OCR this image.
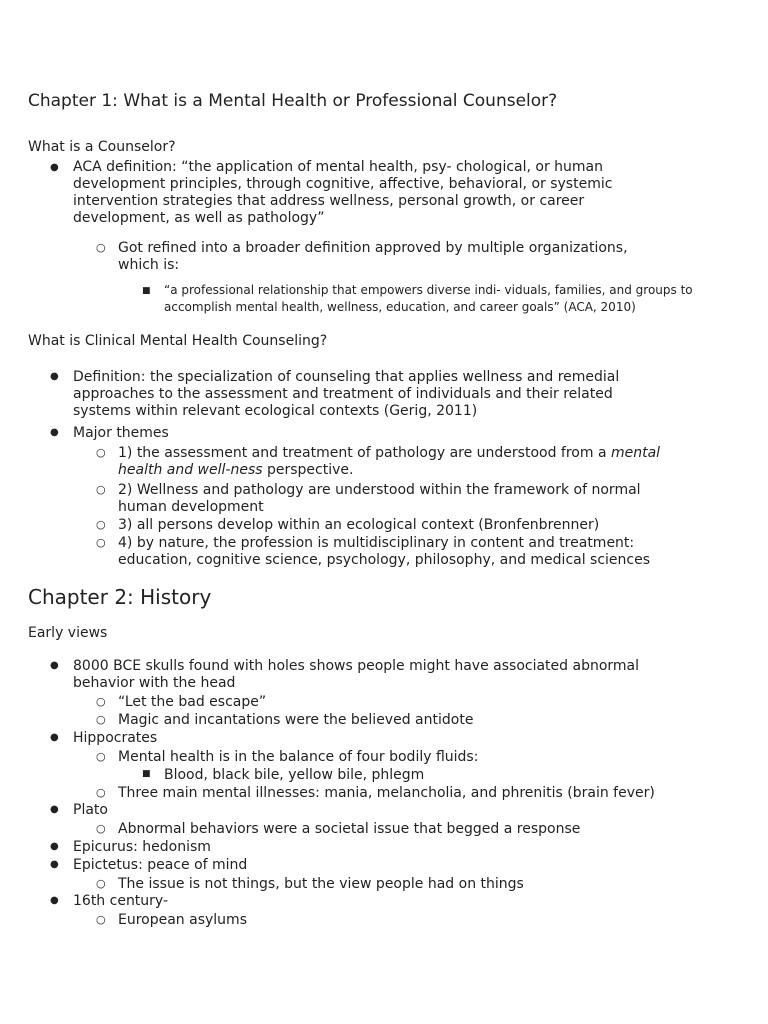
Chapter 1: What is a Mental Health or Professional Counselor?
What is a Counselor?
● ACA definition: “the application of mental health, psy- chological, or human
development principles, through cognitive, affective, behavioral, or systemic
intervention strategies that address wellness, personal growth, or career
development, as well as pathology”
○ Got refined into a broader definition approved by multiple organizations,
which is:
■ “a professional relationship that empowers diverse indi- viduals, families, and groups to
accomplish mental health, wellness, education, and career goals” (ACA, 2010)
What is Clinical Mental Health Counseling?
● Definition: the specialization of counseling that applies wellness and remedial
approaches to the assessment and treatment of individuals and their related
systems within relevant ecological contexts (Gerig, 2011)
● Major themes
○ 1) the assessment and treatment of pathology are understood from a mental
health and well-ness perspective.
○ 2) Wellness and pathology are understood within the framework of normal
human development
○ 3) all persons develop within an ecological context (Bronfenbrenner)
○ 4) by nature, the profession is multidisciplinary in content and treatment:
education, cognitive science, psychology, philosophy, and medical sciences
Chapter 2: History
Early views
● 8000 BCE skulls found with holes shows people might have associated abnormal
behavior with the head
○ “Let the bad escape”
○ Magic and incantations were the believed antidote
● Hippocrates
○ Mental health is in the balance of four bodily fluids:
■ Blood, black bile, yellow bile, phlegm
○ Three main mental illnesses: mania, melancholia, and phrenitis (brain fever)
● Plato
○ Abnormal behaviors were a societal issue that begged a response
● Epicurus: hedonism
● Epictetus: peace of mind
○ The issue is not things, but the view people had on things
● 16th century-
○ European asylums
